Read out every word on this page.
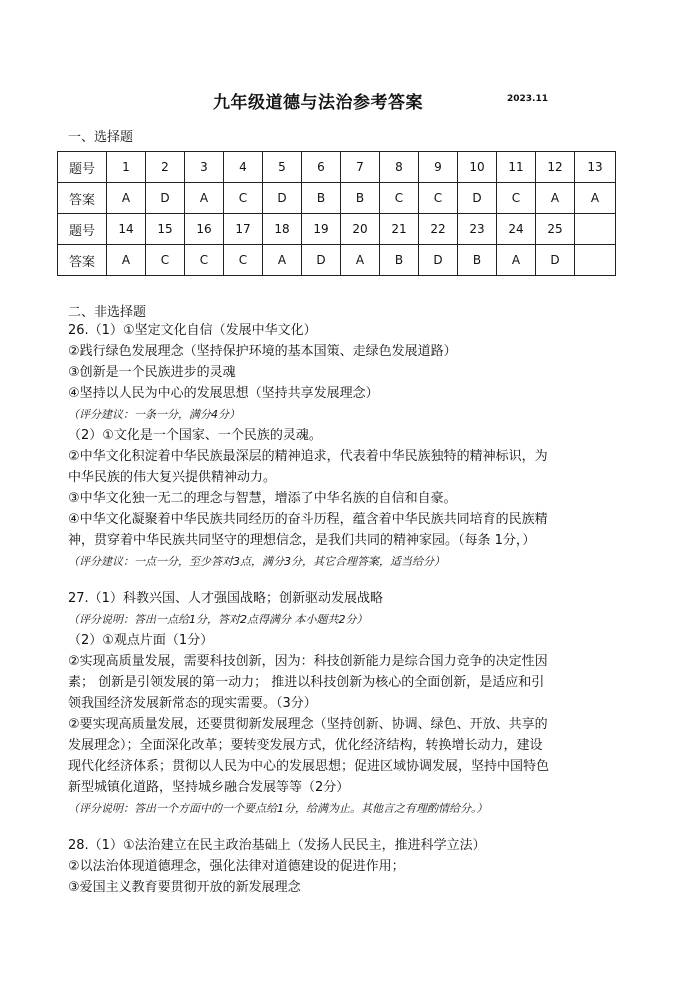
九年级道德与法治参考答案	2023.11
一、选择题
题号	1	2	3	4	5	6	7	8	9	10	11	12	13
答案	A	D	A	C	D	B	B	C	C	D	C	A	A
题号	14	15	16	17	18	19	20	21	22	23	24	25	
答案	A	C	C	C	A	D	A	B	D	B	A	D	
二、非选择题
26.（1）①坚定文化自信（发展中华文化）
②践行绿色发展理念（坚持保护环境的基本国策、走绿色发展道路）
③创新是一个民族进步的灵魂
④坚持以人民为中心的发展思想（坚持共享发展理念）
（评分建议：一条一分，满分4分）
（2）①文化是一个国家、一个民族的灵魂。
②中华文化积淀着中华民族最深层的精神追求，代表着中华民族独特的精神标识，为
中华民族的伟大复兴提供精神动力。
③中华文化独一无二的理念与智慧，增添了中华名族的自信和自豪。
④中华文化凝聚着中华民族共同经历的奋斗历程，蕴含着中华民族共同培育的民族精
神，贯穿着中华民族共同坚守的理想信念，是我们共同的精神家园。（每条 1分，）
（评分建议：一点一分，至少答对3点，满分3分，其它合理答案，适当给分）
27.（1）科教兴国、人才强国战略；创新驱动发展战略
（评分说明：答出一点给1分，答对2点得满分 本小题共2分）
（2）①观点片面（1分）
②实现高质量发展，需要科技创新，因为：科技创新能力是综合国力竞争的决定性因
素； 创新是引领发展的第一动力； 推进以科技创新为核心的全面创新，是适应和引
领我国经济发展新常态的现实需要。（3分）
②要实现高质量发展，还要贯彻新发展理念（坚持创新、协调、绿色、开放、共享的
发展理念）；全面深化改革；要转变发展方式，优化经济结构，转换增长动力，建设
现代化经济体系；贯彻以人民为中心的发展思想；促进区域协调发展，坚持中国特色
新型城镇化道路，坚持城乡融合发展等等（2分）
（评分说明：答出一个方面中的一个要点给1分，给满为止。其他言之有理酌情给分。）
28.（1）①法治建立在民主政治基础上（发扬人民民主，推进科学立法）
②以法治体现道德理念，强化法律对道德建设的促进作用；
③爱国主义教育要贯彻开放的新发展理念
